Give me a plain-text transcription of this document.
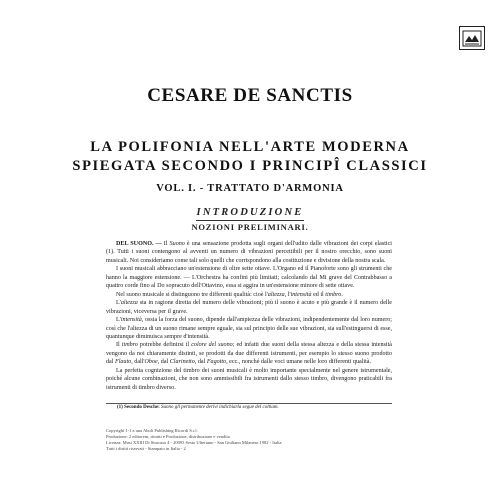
CESARE DE SANCTIS
LA POLIFONIA NELL'ARTE MODERNA
SPIEGATA SECONDO I PRINCIPÎ CLASSICI
VOL. I. - TRATTATO D'ARMONIA
INTRODUZIONE
NOZIONI PRELIMINARI.

DEL SUONO. — Il Suono è una sensazione prodotta sugli organi dell'udito dalle vibrazioni dei corpi elastici (1). Tutti i suoni contengono al avventi un numero di vibrazioni percettibili per il nostro orecchio, sono suoni musicali. Noi consideriamo come tali solo quelli che corrispondono alla costituzione e divisione della nostra scala.

I suoni musicali abbracciano un'estensione di oltre sette ottave. L'Organo ed il Pianoforte sono gli strumenti che hanno la maggiore estensione. — L'Orchestra ha confini più limitati; calcolando dal Mi grave del Contrabbasso a quattro corde fino al Do sopracuto dell'Ottavino, essa si aggira in un'estensione minore di sette ottave.

Nel suono musicale si distinguono tre differenti qualità: cioè l'altezza, l'intensità ed il timbro.

L'altezza sta in ragione diretta del numero delle vibrazioni; più il suono è acuto e più grande è il numero delle vibrazioni, viceversa per il grave.

L'intensità, ossia la forza del suono, dipende dall'ampiezza delle vibrazioni, indipendentemente dal loro numero; così che l'altezza di un suono rimane sempre eguale, sia sul principio delle sue vibrazioni, sia sull'estinguersi di esse, quantunque diminuisca sempre d'intensità.

Il timbro potrebbe definirsi il colore del suono; ed infatti due suoni della stessa altezza e della stessa intensità vengono da noi chiaramente distinti, se prodotti da due differenti istrumenti, per esempio lo stesso suono prodotto dal Flauto, dall'Oboe, dal Clarinetto, dal Fagotto, ecc., nonché dalle voci umane nelle loro differenti qualità.

La perfetta cognizione del timbro dei suoni musicali è molto importante specialmente nel genere istrumentale, poiché alcune combinazioni, che non sono ammissibili fra istrumenti dallo stesso timbro, divengono praticabili fra istrumenti di timbro diverso.

(1) Secondo Desche: Suono gli permanente derivi indichiarla segue del coltiam.
Copyright 1-1 a una Abolt Publishing Ricordi S.r.l.
Produzione: 2 editorem, ritratti e Produzione, distribuzione e vendita
Licenza: Musi XXIII Di Siracusa 4 - 20093 Sesto Ulteriano - San Giuliano Milanese 1982 - Italia
Tutti i diritti riservati - Stampato in Italia - 2
